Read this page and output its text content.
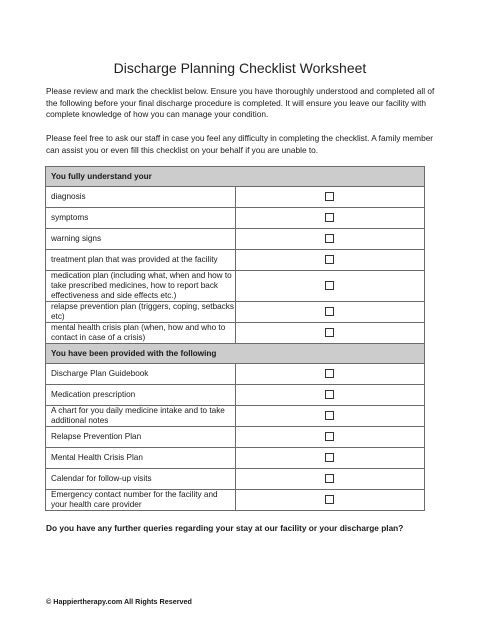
Discharge Planning Checklist Worksheet
Please review and mark the checklist below. Ensure you have thoroughly understood and completed all of the following before your final discharge procedure is completed. It will ensure you leave our facility with complete knowledge of how you can manage your condition.
Please feel free to ask our staff in case you feel any difficulty in completing the checklist. A family member can assist you or even fill this checklist on your behalf if you are unable to.
You fully understand your	
diagnosis	
symptoms	
warning signs	
treatment plan that was provided at the facility	
medication plan (including what, when and how to take prescribed medicines, how to report back effectiveness and side effects etc.)	
relapse prevention plan (triggers, coping, setbacks etc)	
mental health crisis plan (when, how and who to contact in case of a crisis)	
You have been provided with the following	
Discharge Plan Guidebook	
Medication prescription	
A chart for you daily medicine intake and to take additional notes	
Relapse Prevention Plan	
Mental Health Crisis Plan	
Calendar for follow-up visits	
Emergency contact number for the facility and your health care provider	
Do you have any further queries regarding your stay at our facility or your discharge plan?
© Happiertherapy.com All Rights Reserved
